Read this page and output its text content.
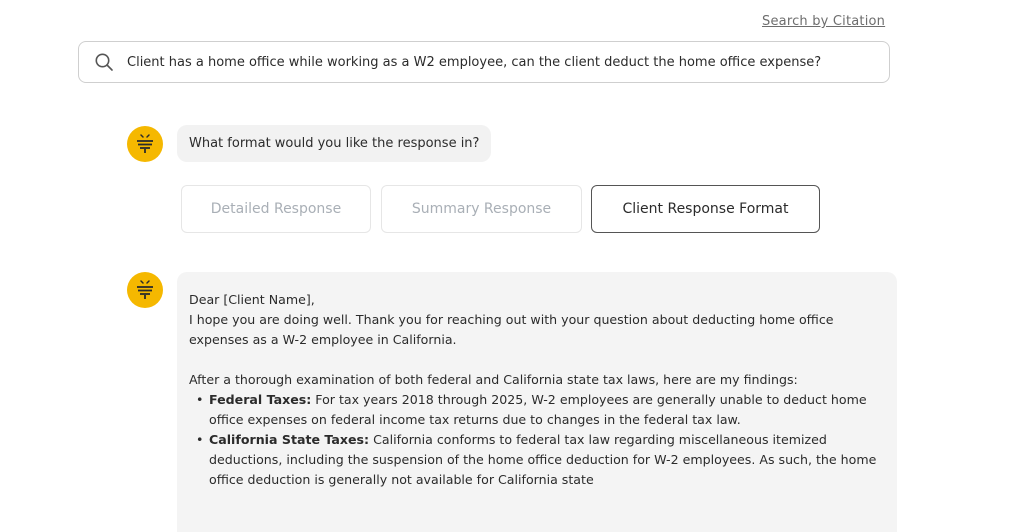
Search by Citation
Client has a home office while working as a W2 employee, can the client deduct the home office expense?
What format would you like the response in?
Detailed Response	Summary Response	Client Response Format

Dear [Client Name],

I hope you are doing well. Thank you for reaching out with your question about deducting home office expenses as a W-2 employee in California.

After a thorough examination of both federal and California state tax laws, here are my findings:

• Federal Taxes: For tax years 2018 through 2025, W-2 employees are generally unable to deduct home office expenses on federal income tax returns due to changes in the federal tax law.
• California State Taxes: California conforms to federal tax law regarding miscellaneous itemized deductions, including the suspension of the home office deduction for W-2 employees. As such, the home office deduction is generally not available for California state
